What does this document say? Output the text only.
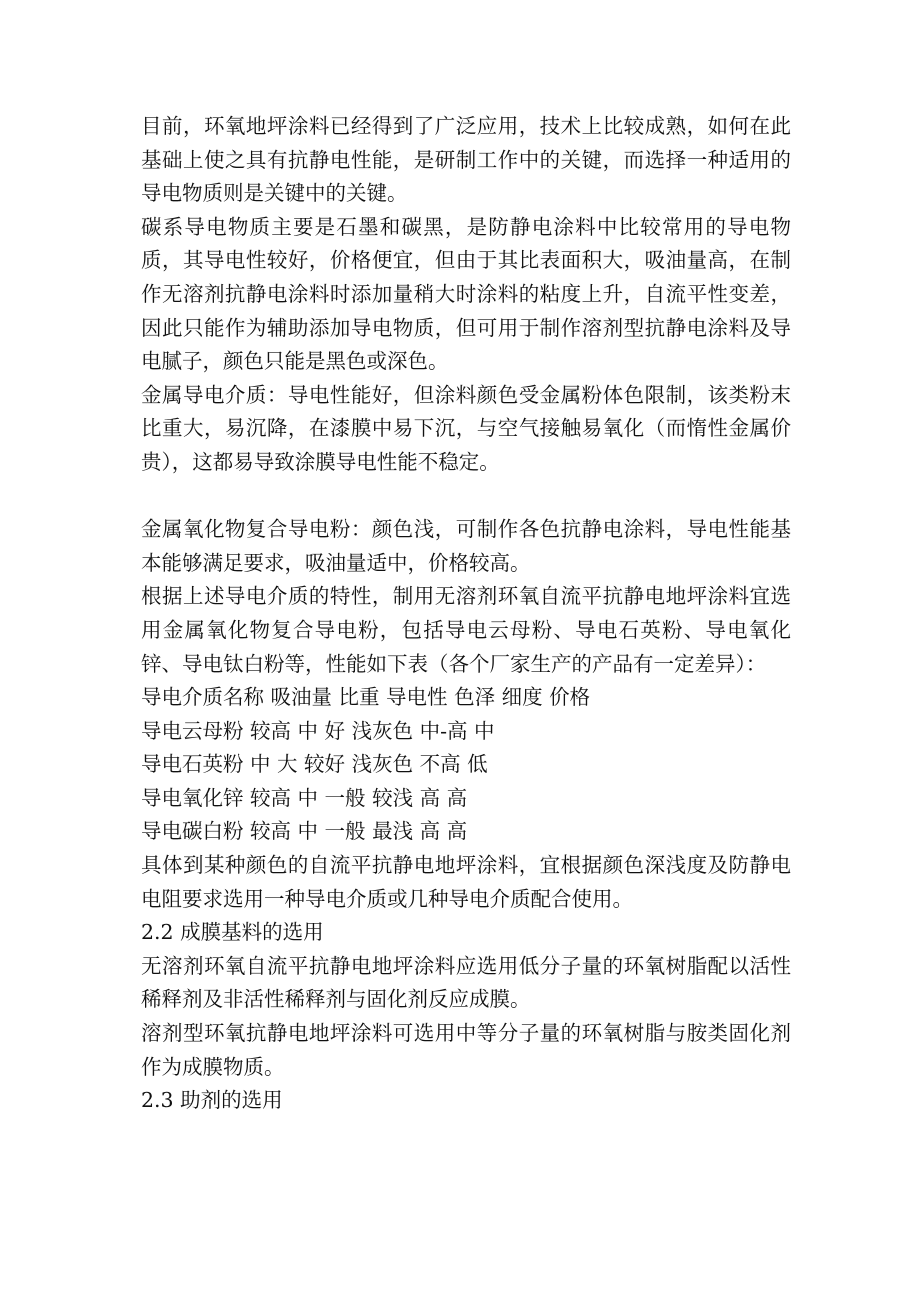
目前，环氧地坪涂料已经得到了广泛应用，技术上比较成熟，如何在此基础上使之具有抗静电性能，是研制工作中的关键，而选择一种适用的导电物质则是关键中的关键。

碳系导电物质主要是石墨和碳黑，是防静电涂料中比较常用的导电物质，其导电性较好，价格便宜，但由于其比表面积大，吸油量高，在制作无溶剂抗静电涂料时添加量稍大时涂料的粘度上升，自流平性变差，因此只能作为辅助添加导电物质，但可用于制作溶剂型抗静电涂料及导电腻子，颜色只能是黑色或深色。

金属导电介质：导电性能好，但涂料颜色受金属粉体色限制，该类粉末比重大，易沉降，在漆膜中易下沉，与空气接触易氧化（而惰性金属价贵），这都易导致涂膜导电性能不稳定。

金属氧化物复合导电粉：颜色浅，可制作各色抗静电涂料，导电性能基本能够满足要求，吸油量适中，价格较高。

根据上述导电介质的特性，制用无溶剂环氧自流平抗静电地坪涂料宜选用金属氧化物复合导电粉，包括导电云母粉、导电石英粉、导电氧化锌、导电钛白粉等，性能如下表（各个厂家生产的产品有一定差异）：

导电介质名称 吸油量 比重 导电性 色泽 细度 价格

导电云母粉 较高 中 好 浅灰色 中-高 中

导电石英粉 中 大 较好 浅灰色 不高 低

导电氧化锌 较高 中 一般 较浅 高 高

导电碳白粉 较高 中 一般 最浅 高 高

具体到某种颜色的自流平抗静电地坪涂料，宜根据颜色深浅度及防静电电阻要求选用一种导电介质或几种导电介质配合使用。

2.2 成膜基料的选用

无溶剂环氧自流平抗静电地坪涂料应选用低分子量的环氧树脂配以活性稀释剂及非活性稀释剂与固化剂反应成膜。

溶剂型环氧抗静电地坪涂料可选用中等分子量的环氧树脂与胺类固化剂作为成膜物质。

2.3 助剂的选用
